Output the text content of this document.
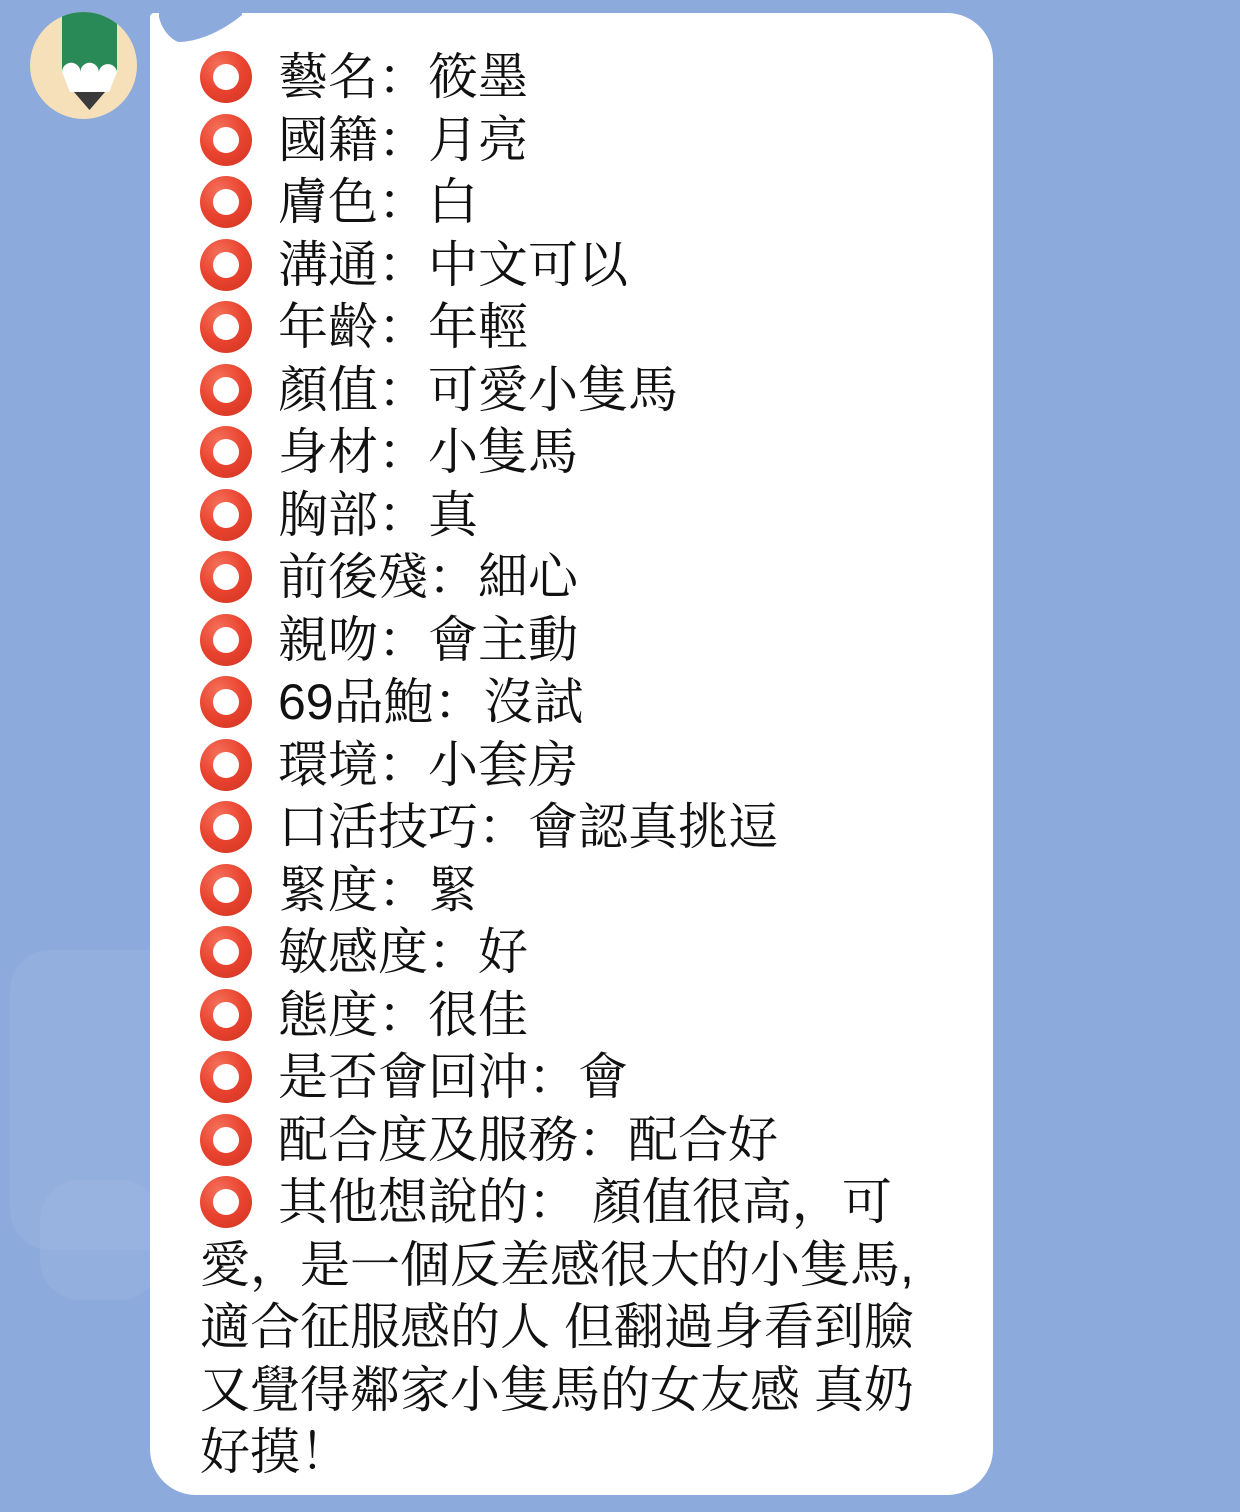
藝名：筱墨
國籍：月亮
膚色：白
溝通：中文可以
年齡：年輕
顏值：可愛小隻馬
身材：小隻馬
胸部：真
前後殘：細心
親吻：會主動
69品鮑：沒試
環境：小套房
口活技巧：會認真挑逗
緊度：緊
敏感度：好
態度：很佳
是否會回沖：會
配合度及服務：配合好
其他想說的： 顏值很高，可
愛，是一個反差感很大的小隻馬,
適合征服感的人 但翻過身看到臉
又覺得鄰家小隻馬的女友感 真奶
好摸！
